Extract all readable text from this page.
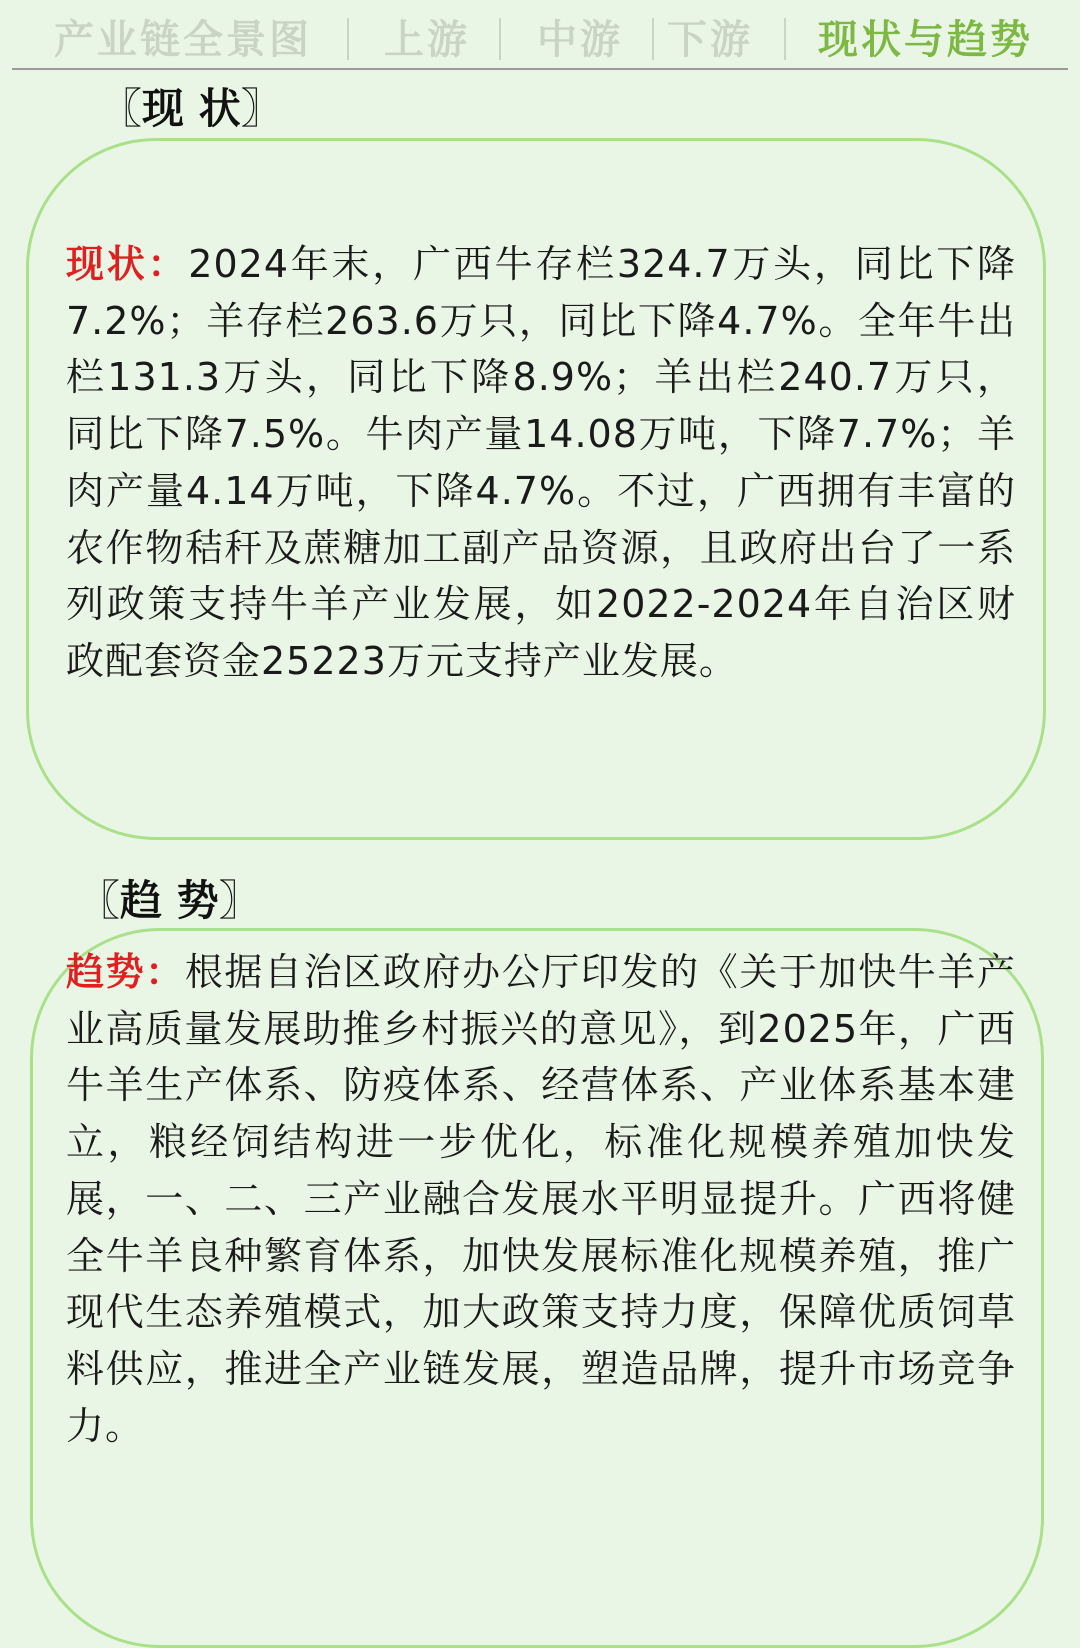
产业链全景图 上游 中游 下游 现状与趋势
〖现 状〗
现状：2024年末，广西牛存栏324.7万头，同比下降7.2%；羊存栏263.6万只，同比下降4.7%。全年牛出栏131.3万头，同比下降8.9%；羊出栏240.7万只，同比下降7.5%。牛肉产量14.08万吨，下降7.7%；羊肉产量4.14万吨，下降4.7%。不过，广西拥有丰富的农作物秸秆及蔗糖加工副产品资源，且政府出台了一系列政策支持牛羊产业发展，如2022-2024年自治区财政配套资金25223万元支持产业发展。
〖趋 势〗
趋势：根据自治区政府办公厅印发的《关于加快牛羊产业高质量发展助推乡村振兴的意见》，到2025年，广西牛羊生产体系、防疫体系、经营体系、产业体系基本建立，粮经饲结构进一步优化，标准化规模养殖加快发展，一、二、三产业融合发展水平明显提升。广西将健全牛羊良种繁育体系，加快发展标准化规模养殖，推广现代生态养殖模式，加大政策支持力度，保障优质饲草料供应，推进全产业链发展，塑造品牌，提升市场竞争力。
